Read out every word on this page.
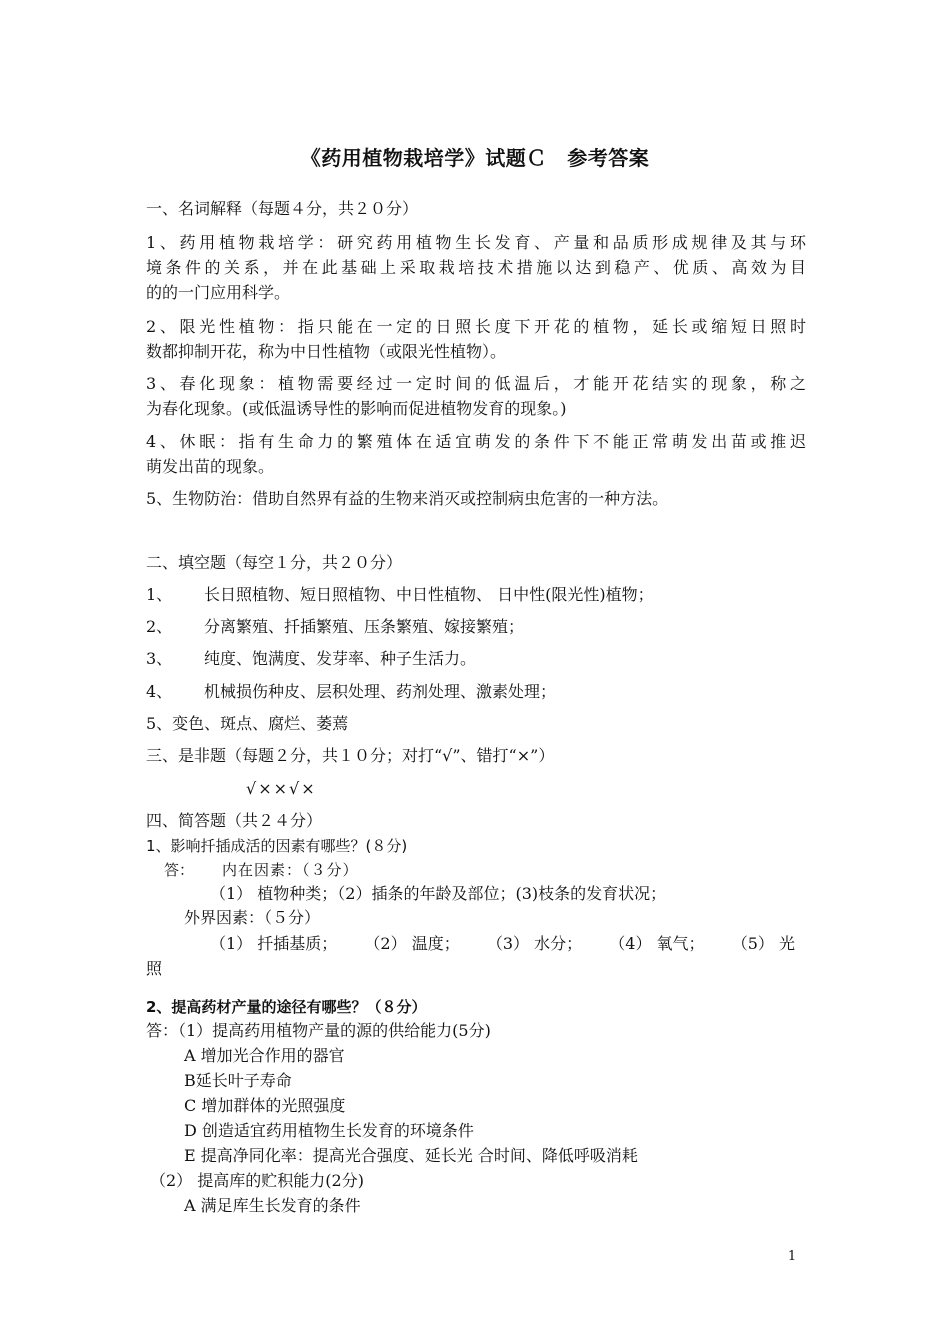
《药用植物栽培学》试题Ｃ　参考答案
一、名词解释（每题４分，共２０分）
1、药用植物栽培学：研究药用植物生长发育、产量和品质形成规律及其与环
境条件的关系，并在此基础上采取栽培技术措施以达到稳产、优质、高效为目
的的一门应用科学。
2、限光性植物：指只能在一定的日照长度下开花的植物，延长或缩短日照时
数都抑制开花，称为中日性植物（或限光性植物）。
3、春化现象：植物需要经过一定时间的低温后，才能开花结实的现象，称之
为春化现象。(或低温诱导性的影响而促进植物发育的现象。)
4、休眠：指有生命力的繁殖体在适宜萌发的条件下不能正常萌发出苗或推迟
萌发出苗的现象。
5、生物防治：借助自然界有益的生物来消灭或控制病虫危害的一种方法。
二、填空题（每空１分，共２０分）
1、 长日照植物、短日照植物、中日性植物、 日中性(限光性)植物；
2、 分离繁殖、扦插繁殖、压条繁殖、嫁接繁殖；
3、 纯度、饱满度、发芽率、种子生活力。
4、 机械损伤种皮、层积处理、药剂处理、激素处理；
5、变色、斑点、腐烂、萎蔫
三、是非题（每题２分，共１０分；对打“√”、错打“×”）
√××√×
四、简答题（共２４分）
1、影响扦插成活的因素有哪些？(８分)
答： 内在因素：（３分）
（1） 植物种类；（2）插条的年龄及部位；(3)枝条的发育状况；
外界因素：（５分）
（1） 扦插基质； （2） 温度； （3） 水分； （4） 氧气； （5） 光
照
2、提高药材产量的途径有哪些？（８分）
答：（1）提高药用植物产量的源的供给能力(5分)
A 增加光合作用的器官
B延长叶子寿命
C 增加群体的光照强度
D 创造适宜药用植物生长发育的环境条件
E 提高净同化率：提高光合强度、延长光 合时间、降低呼吸消耗
（2） 提高库的贮积能力(2分)
A 满足库生长发育的条件
1
